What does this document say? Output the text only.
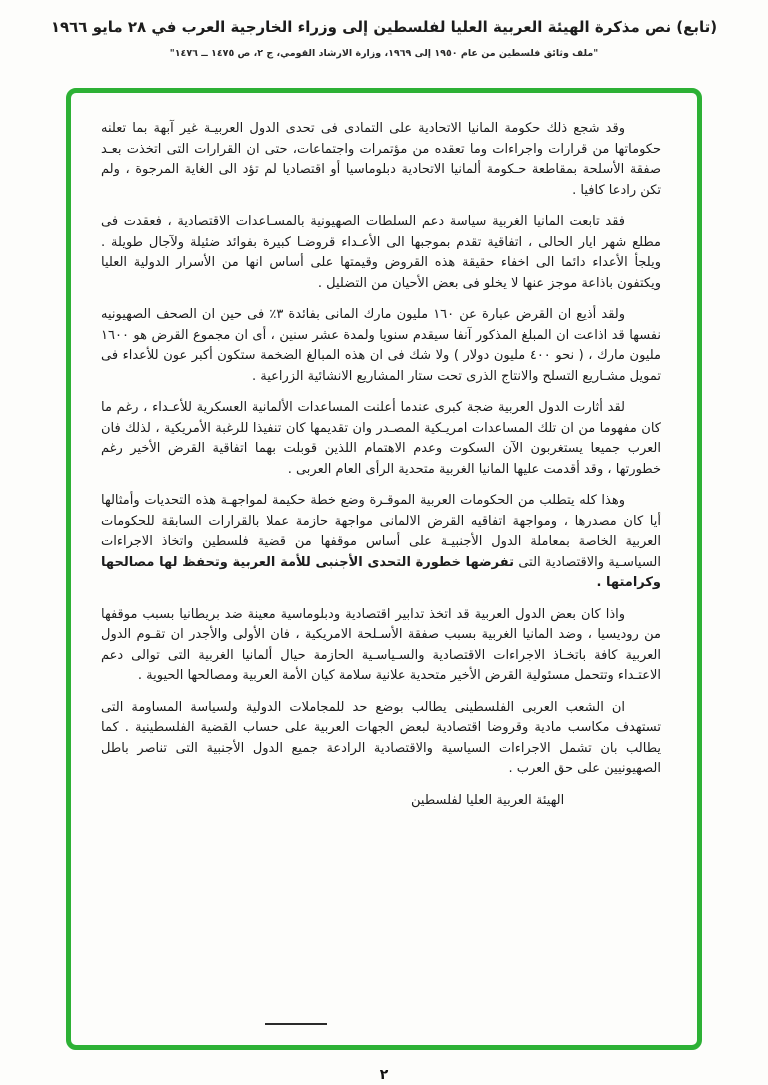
(تابع) نص مذكرة الهيئة العربية العليا لفلسطين إلى وزراء الخارجية العرب في ٢٨ مايو ١٩٦٦
"ملف وثائق فلسطين من عام ١٩٥٠ إلى ١٩٦٩، وزارة الارشاد القومي، ج ٢، ص ١٤٧٥ ــ ١٤٧٦"

وقد شجع ذلك حكومة المانيا الاتحادية على التمادى فى تحدى الدول العربيـة غير آبهة بما تعلنه حكوماتها من قرارات واجراءات وما تعقده من مؤتمرات واجتماعات، حتى ان القرارات التى اتخذت بعـد صفقة الأسلحة بمقاطعة حـكومة ألمانيا الاتحادية دبلوماسيا أو اقتصاديا لم تؤد الى الغاية المرجوة ، ولم تكن رادعا كافيا .

فقد تابعت المانيا الغربية سياسة دعم السلطات الصهيونية بالمسـاعدات الاقتصادية ، فعقدت فى مطلع شهر ايار الحالى ، اتفاقية تقدم بموجبها الى الأعـداء قروضـا كبيرة بفوائد ضئيلة ولآجال طويلة . ويلجأ الأعداء دائما الى اخفاء حقيقة هذه القروض وقيمتها على أساس انها من الأسرار الدولية العليا ويكتفون باذاعة موجز عنها لا يخلو فى بعض الأحيان من التضليل .

ولقد أذيع ان القرض عبارة عن ١٦٠ مليون مارك المانى بفائدة ٣٪ فى حين ان الصحف الصهيونيه نفسها قد اذاعت ان المبلغ المذكور آنفا سيقدم سنويا ولمدة عشر سنين ، أى ان مجموع القرض هو ١٦٠٠ مليون مارك ، ( نحو ٤٠٠ مليون دولار ) ولا شك فى ان هذه المبالغ الضخمة ستكون أكبر عون للأعداء فى تمويل مشـاريع التسلح والانتاج الذرى تحت ستار المشاريع الانشائية الزراعية .

لقد أثارت الدول العربية ضجة كبرى عندما أعلنت المساعدات الألمانية العسكرية للأعـداء ، رغم ما كان مفهوما من ان تلك المساعدات امريـكية المصـدر وان تقديمها كان تنفيذا للرغبة الأمريكية ، لذلك فان العرب جميعا يستغربون الآن السكوت وعدم الاهتمام اللذين قوبلت بهما اتفاقية القرض الأخير رغم خطورتها ، وقد أقدمت عليها المانيا الغربية متحدية الرأى العام العربى .

وهذا كله يتطلب من الحكومات العربية الموقـرة وضع خطة حكيمة لمواجهـة هذه التحديات وأمثالها أيا كان مصدرها ، ومواجهة اتفاقيه القرض الالمانى مواجهة حازمة عملا بالقرارات السابقة للحكومات العربية الخاصة بمعاملة الدول الأجنبيـة على أساس موقفها من قضية فلسطين واتخاذ الاجراءات السياسـية والاقتصادية التى تفرضها خطورة التحدى الأجنبى للأمة العربية وتحفظ لها مصالحها وكرامتها .

واذا كان بعض الدول العربية قد اتخذ تدابير اقتصادية ودبلوماسية معينة ضد بريطانيا بسبب موقفها من روديسيا ، وضد المانيا الغربية بسبب صفقة الأسـلحة الامريكية ، فان الأولى والأجدر ان تقـوم الدول العربية كافة باتخـاذ الاجراءات الاقتصادية والسـياسـية الحازمة حيال ألمانيا الغربية التى توالى دعم الاعتـداء وتتحمل مسئولية القرض الأخير متحدية علانية سلامة كيان الأمة العربية ومصالحها الحيوية .

ان الشعب العربى الفلسطينى يطالب بوضع حد للمجاملات الدولية ولسياسة المساومة التى تستهدف مكاسب مادية وقروضا اقتصادية لبعض الجهات العربية على حساب القضية الفلسطينية . كما يطالب بان تشمل الاجراءات السياسية والاقتصادية الرادعة جميع الدول الأجنبية التى تناصر باطل الصهيونيين على حق العرب .

الهيئة العربية العليا لفلسطين

٢
